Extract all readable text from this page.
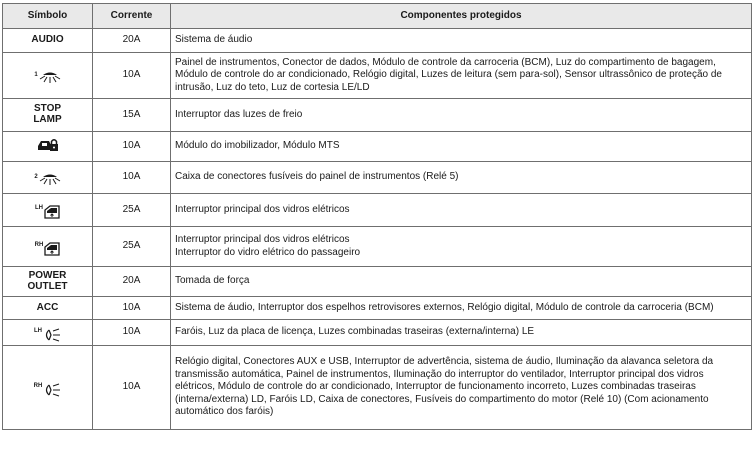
Símbolo	Corrente	Componentes protegidos
AUDIO	20A	Sistema de áudio

1	10A	Painel de instrumentos, Conector de dados, Módulo de controle da carroceria (BCM), Luz do compartimento de bagagem,
Módulo de controle do ar condicionado, Relógio digital, Luzes de leitura (sem para-sol), Sensor ultrassônico de proteção de
intrusão, Luz do teto, Luz de cortesia LE/LD

STOP
LAMP	15A	Interruptor das luzes de freio

	10A	Módulo do imobilizador, Módulo MTS

2	10A	Caixa de conectores fusíveis do painel de instrumentos (Relé 5)

LH	25A	Interruptor principal dos vidros elétricos

RH	25A	Interruptor principal dos vidros elétricos
Interruptor do vidro elétrico do passageiro

POWER
OUTLET	20A	Tomada de força

ACC	10A	Sistema de áudio, Interruptor dos espelhos retrovisores externos, Relógio digital, Módulo de controle da carroceria (BCM)

LH	10A	Faróis, Luz da placa de licença, Luzes combinadas traseiras (externa/interna) LE

RH	10A	Relógio digital, Conectores AUX e USB, Interruptor de advertência, sistema de áudio, Iluminação da alavanca seletora da
transmissão automática, Painel de instrumentos, Iluminação do interruptor do ventilador, Interruptor principal dos vidros
elétricos, Módulo de controle do ar condicionado, Interruptor de funcionamento incorreto, Luzes combinadas traseiras
(interna/externa) LD, Faróis LD, Caixa de conectores, Fusíveis do compartimento do motor (Relé 10) (Com acionamento
automático dos faróis)
